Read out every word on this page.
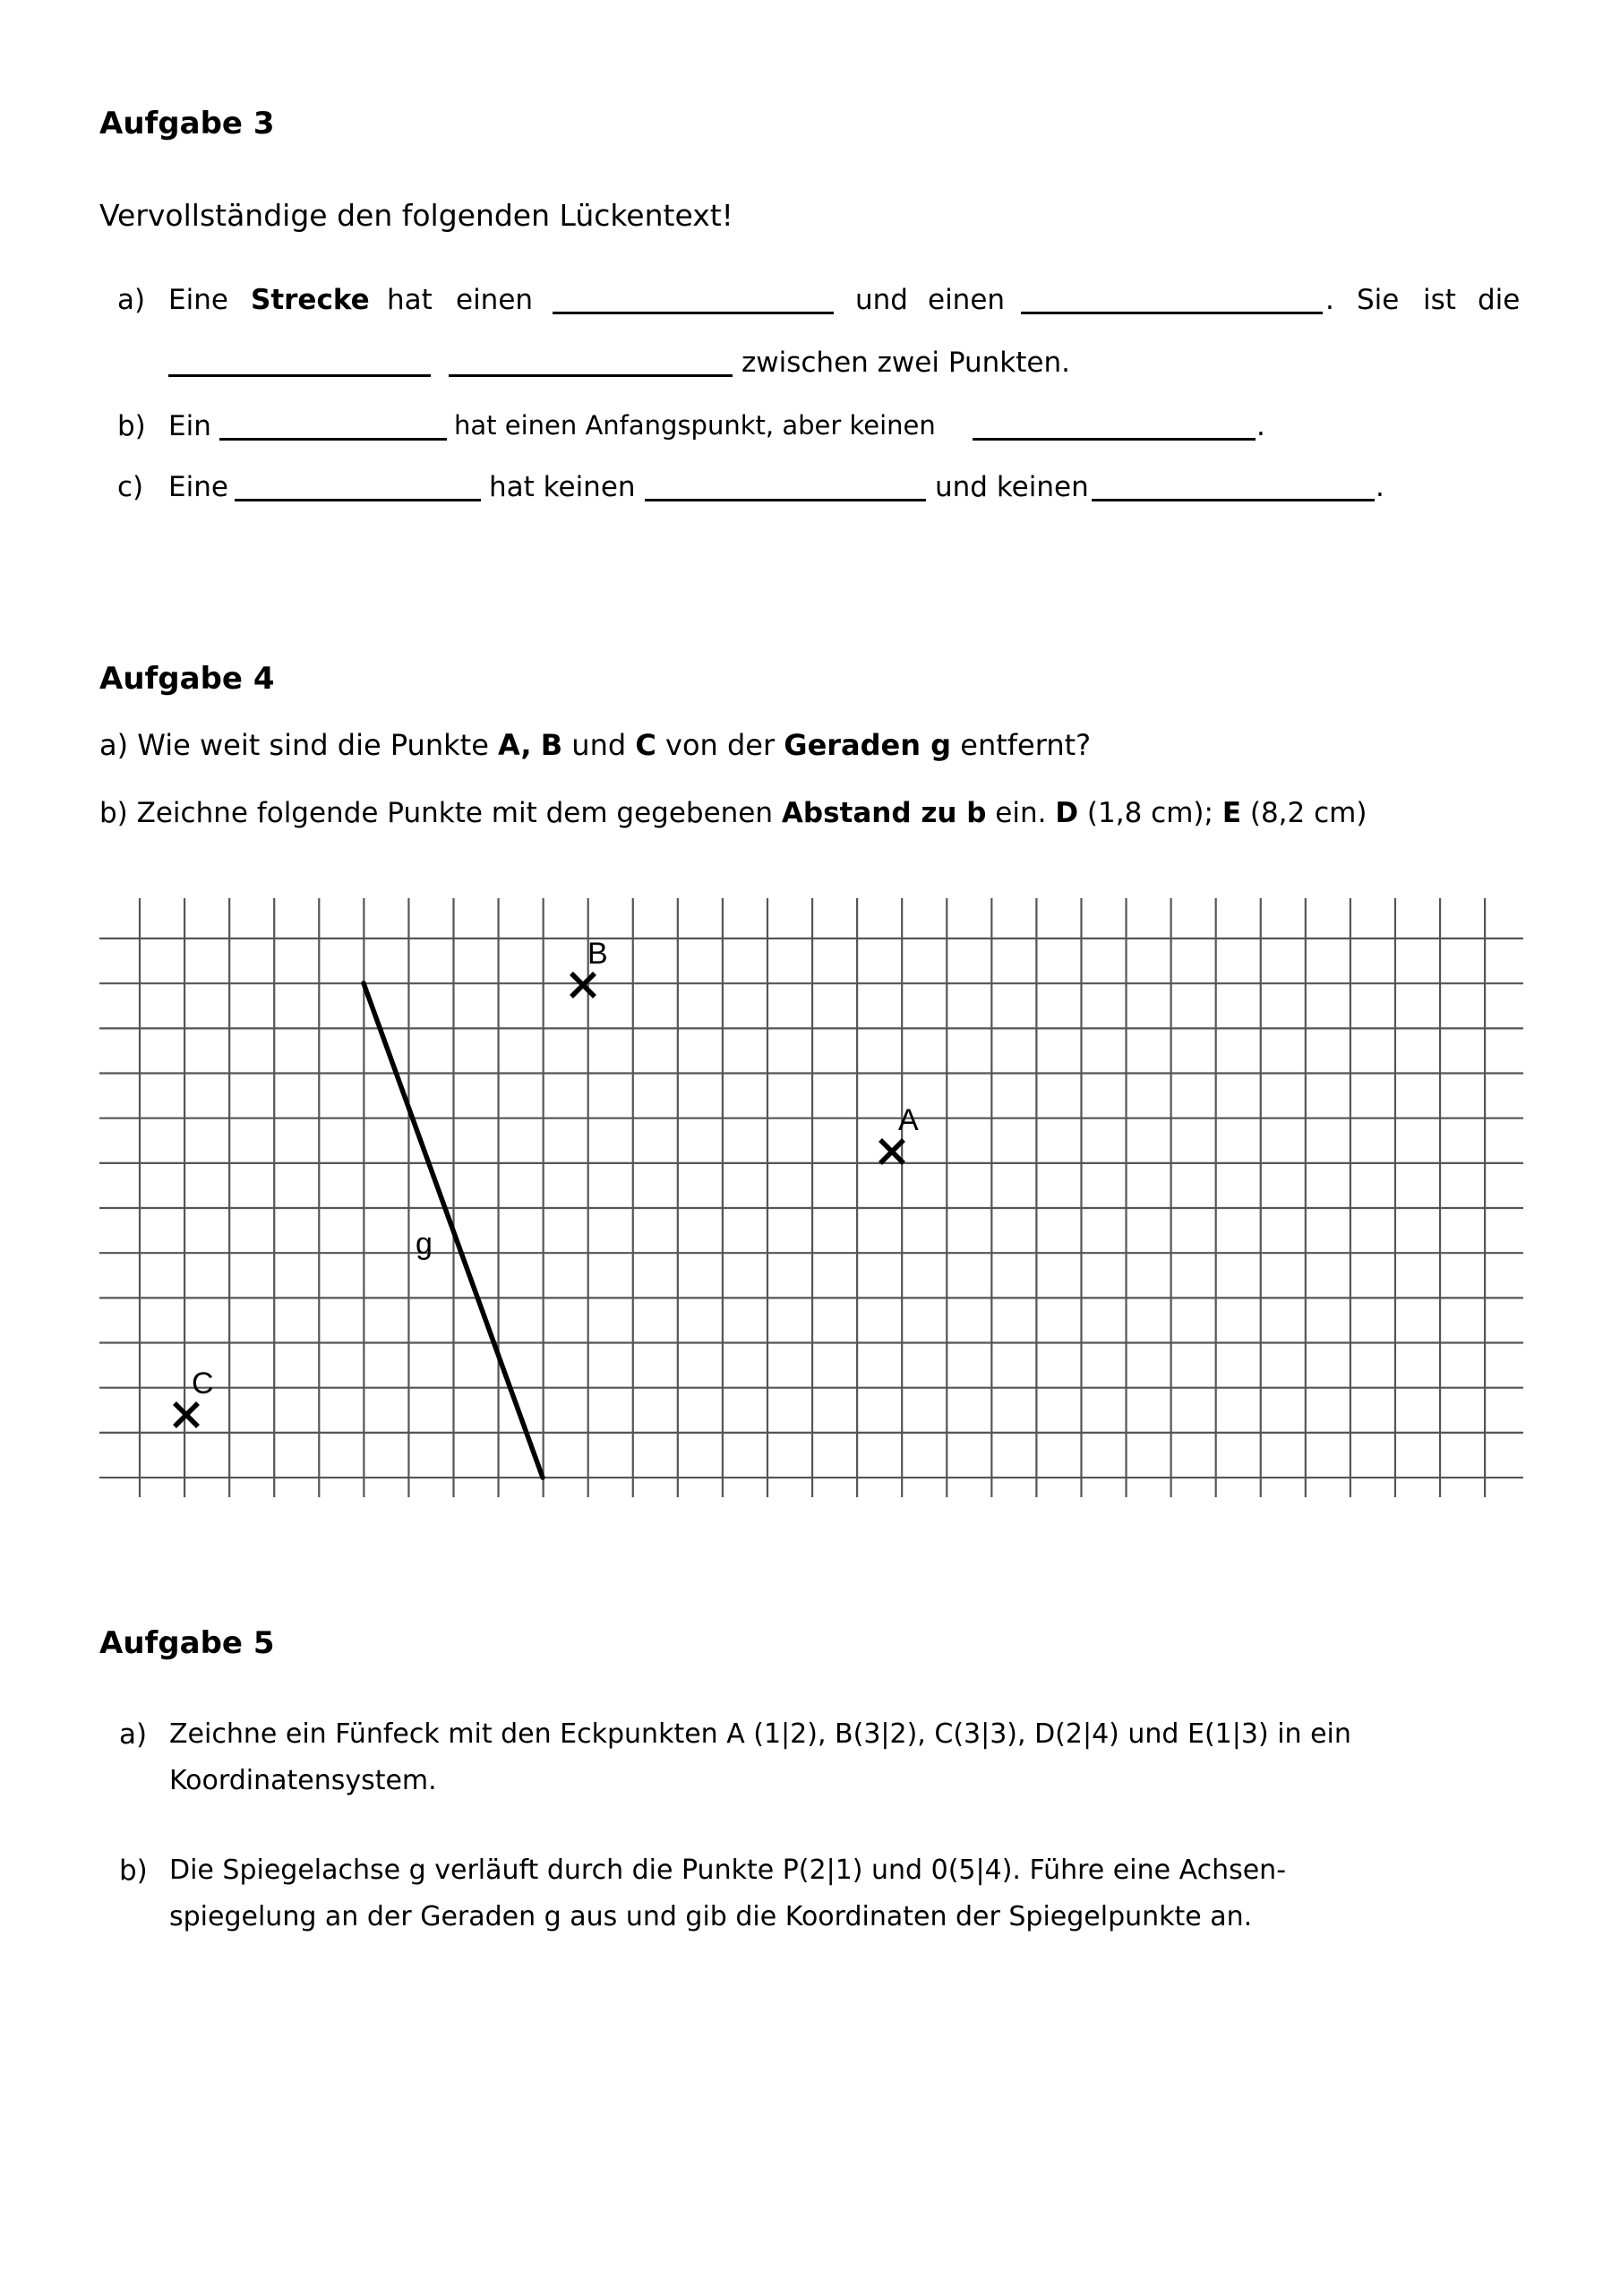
Aufgabe 3
Vervollständige den folgenden Lückentext!
a) Eine Strecke hat einen	und einen	. Sie ist die
zwischen zwei Punkten.
b) Ein	hat einen Anfangspunkt, aber keinen	.
c) Eine	hat keinen	und keinen	.
Aufgabe 4
a) Wie weit sind die Punkte A, B und C von der Geraden g entfernt?
b) Zeichne folgende Punkte mit dem gegebenen Abstand zu b ein. D (1,8 cm); E (8,2 cm)
g
B
A
C
Aufgabe 5
a) Zeichne ein Fünfeck mit den Eckpunkten A (1|2), B(3|2), C(3|3), D(2|4) und E(1|3) in ein
Koordinatensystem.
b) Die Spiegelachse g verläuft durch die Punkte P(2|1) und 0(5|4). Führe eine Achsen-
spiegelung an der Geraden g aus und gib die Koordinaten der Spiegelpunkte an.
